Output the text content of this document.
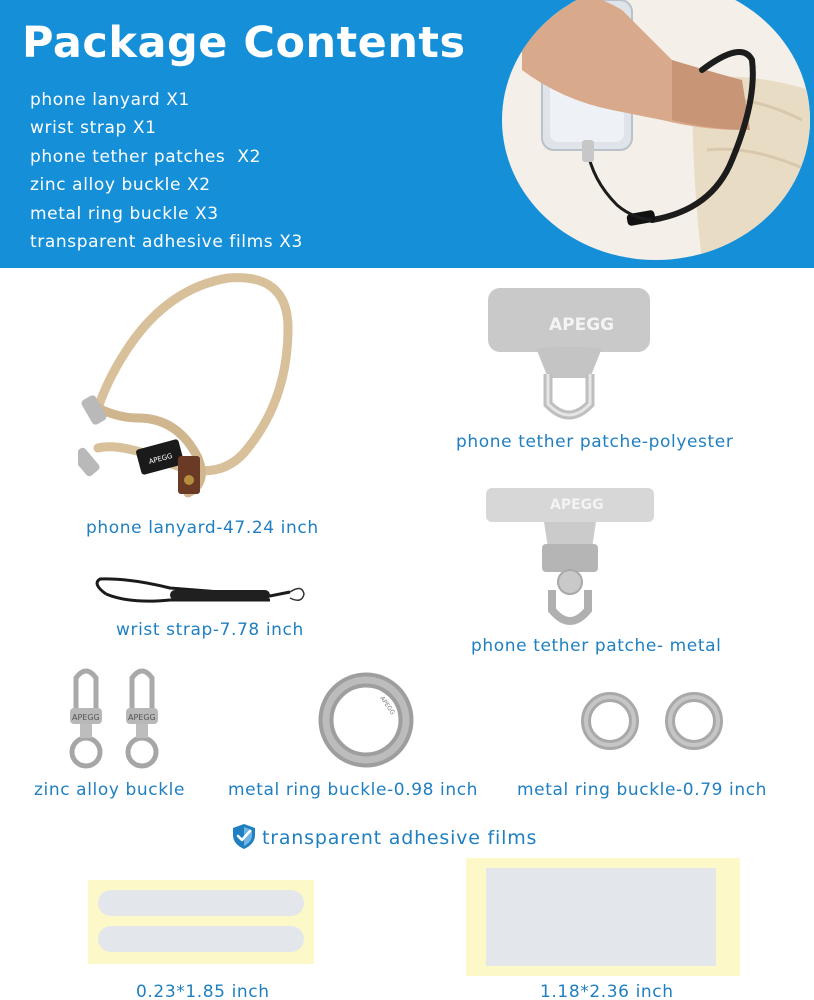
Package Contents
phone lanyard X1
wrist strap X1
phone tether patches  X2
zinc alloy buckle X2
metal ring buckle X3
transparent adhesive films X3
APEGG
phone lanyard-47.24 inch
APEGG
phone tether patche-polyester
APEGG
phone tether patche- metal
wrist strap-7.78 inch
APEGG	APEGG
zinc alloy buckle
APEGG
metal ring buckle-0.98 inch metal ring buckle-0.79 inch
transparent adhesive films
0.23*1.85 inch	1.18*2.36 inch
